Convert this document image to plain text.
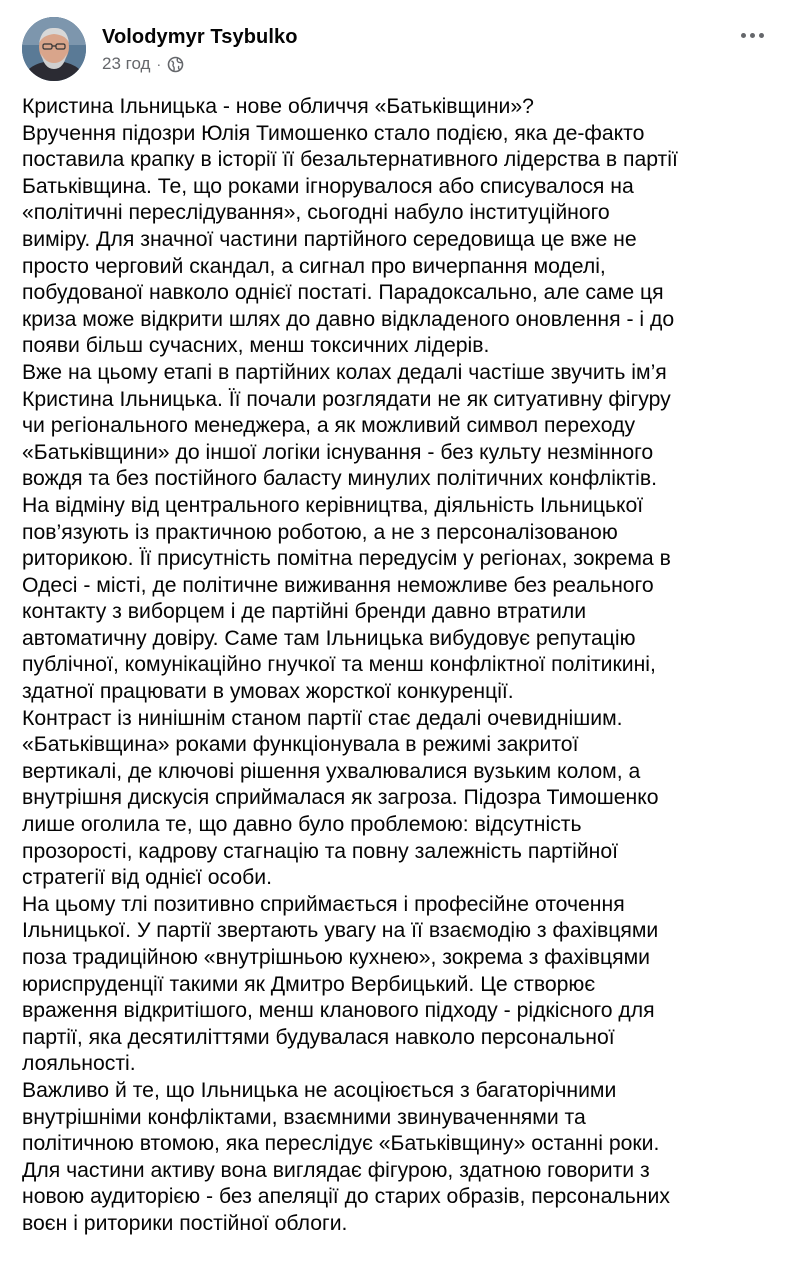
Volodymyr Tsybulko
23 год ·
Кристина Ільницька - нове обличчя «Батьківщини»?
Вручення підозри Юлія Тимошенко стало подією, яка де-факто
поставила крапку в історії її безальтернативного лідерства в партії
Батьківщина. Те, що роками ігнорувалося або списувалося на
«політичні переслідування», сьогодні набуло інституційного
виміру. Для значної частини партійного середовища це вже не
просто черговий скандал, а сигнал про вичерпання моделі,
побудованої навколо однієї постаті. Парадоксально, але саме ця
криза може відкрити шлях до давно відкладеного оновлення - і до
появи більш сучасних, менш токсичних лідерів.
Вже на цьому етапі в партійних колах дедалі частіше звучить ім’я
Кристина Ільницька. Її почали розглядати не як ситуативну фігуру
чи регіонального менеджера, а як можливий символ переходу
«Батьківщини» до іншої логіки існування - без культу незмінного
вождя та без постійного баласту минулих політичних конфліктів.
На відміну від центрального керівництва, діяльність Ільницької
пов’язують із практичною роботою, а не з персоналізованою
риторикою. Її присутність помітна передусім у регіонах, зокрема в
Одесі - місті, де політичне виживання неможливе без реального
контакту з виборцем і де партійні бренди давно втратили
автоматичну довіру. Саме там Ільницька вибудовує репутацію
публічної, комунікаційно гнучкої та менш конфліктної політикині,
здатної працювати в умовах жорсткої конкуренції.
Контраст із нинішнім станом партії стає дедалі очевиднішим.
«Батьківщина» роками функціонувала в режимі закритої
вертикалі, де ключові рішення ухвалювалися вузьким колом, а
внутрішня дискусія сприймалася як загроза. Підозра Тимошенко
лише оголила те, що давно було проблемою: відсутність
прозорості, кадрову стагнацію та повну залежність партійної
стратегії від однієї особи.
На цьому тлі позитивно сприймається і професійне оточення
Ільницької. У партії звертають увагу на її взаємодію з фахівцями
поза традиційною «внутрішньою кухнею», зокрема з фахівцями
юриспруденції такими як Дмитро Вербицький. Це створює
враження відкритішого, менш кланового підходу - рідкісного для
партії, яка десятиліттями будувалася навколо персональної
лояльності.
Важливо й те, що Ільницька не асоціюється з багаторічними
внутрішніми конфліктами, взаємними звинуваченнями та
політичною втомою, яка переслідує «Батьківщину» останні роки.
Для частини активу вона виглядає фігурою, здатною говорити з
новою аудиторією - без апеляції до старих образів, персональних
воєн і риторики постійної облоги.
